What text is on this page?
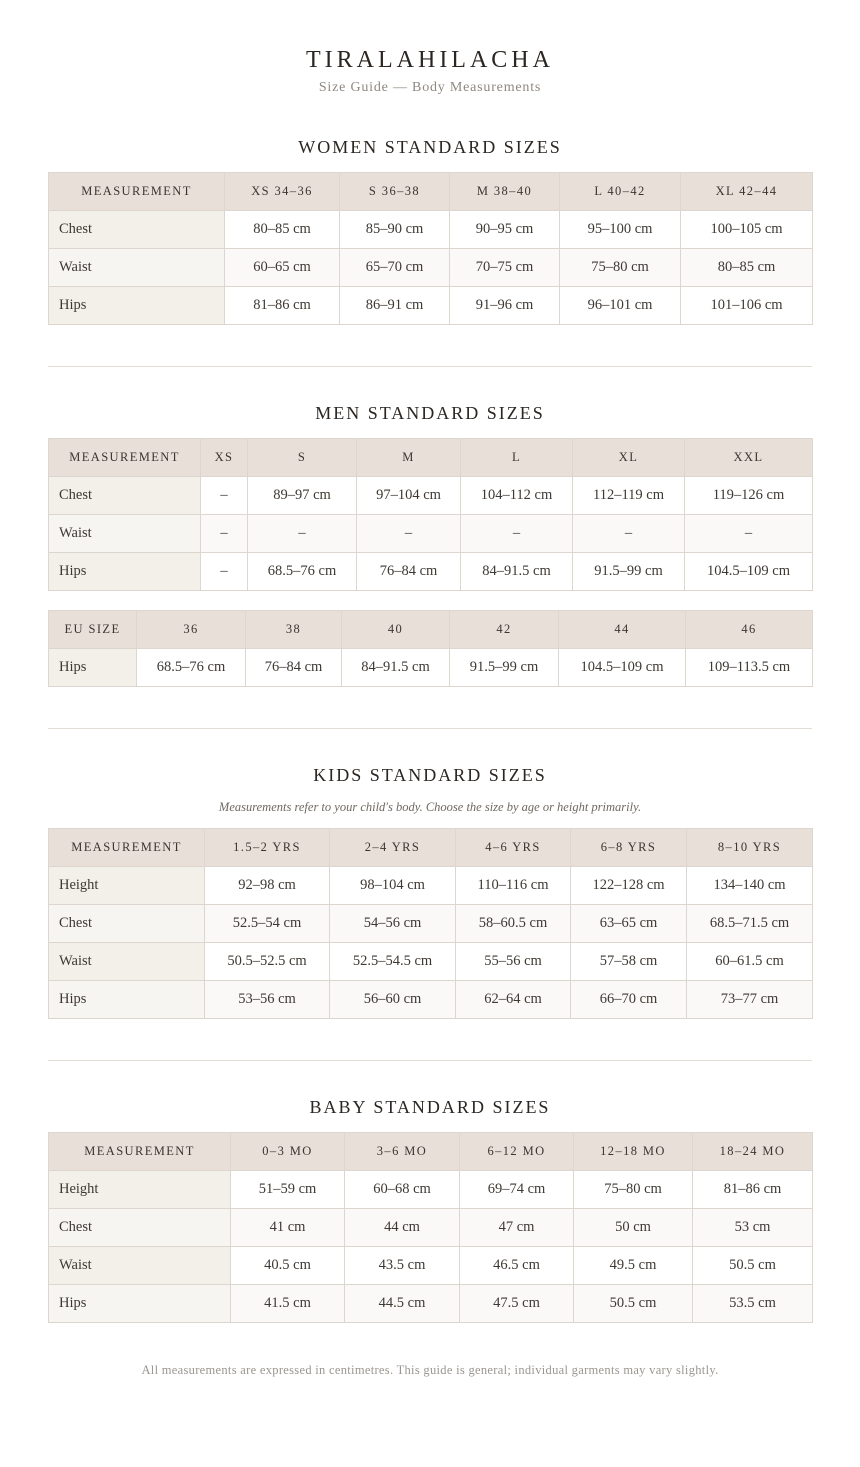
TIRALAHILACHA
Size Guide — Body Measurements
WOMEN STANDARD SIZES
MEASUREMENT	XS 34–36	S 36–38	M 38–40	L 40–42	XL 42–44
Chest	80–85 cm	85–90 cm	90–95 cm	95–100 cm	100–105 cm
Waist	60–65 cm	65–70 cm	70–75 cm	75–80 cm	80–85 cm
Hips	81–86 cm	86–91 cm	91–96 cm	96–101 cm	101–106 cm
MEN STANDARD SIZES
MEASUREMENT	XS	S	M	L	XL	XXL
Chest	–	89–97 cm	97–104 cm	104–112 cm	112–119 cm	119–126 cm
Waist	–	–	–	–	–	–
Hips	–	68.5–76 cm	76–84 cm	84–91.5 cm	91.5–99 cm	104.5–109 cm
EU SIZE	36	38	40	42	44	46
Hips	68.5–76 cm	76–84 cm	84–91.5 cm	91.5–99 cm	104.5–109 cm	109–113.5 cm
KIDS STANDARD SIZES
Measurements refer to your child's body. Choose the size by age or height primarily.
MEASUREMENT	1.5–2 YRS	2–4 YRS	4–6 YRS	6–8 YRS	8–10 YRS
Height	92–98 cm	98–104 cm	110–116 cm	122–128 cm	134–140 cm
Chest	52.5–54 cm	54–56 cm	58–60.5 cm	63–65 cm	68.5–71.5 cm
Waist	50.5–52.5 cm	52.5–54.5 cm	55–56 cm	57–58 cm	60–61.5 cm
Hips	53–56 cm	56–60 cm	62–64 cm	66–70 cm	73–77 cm
BABY STANDARD SIZES
MEASUREMENT	0–3 MO	3–6 MO	6–12 MO	12–18 MO	18–24 MO
Height	51–59 cm	60–68 cm	69–74 cm	75–80 cm	81–86 cm
Chest	41 cm	44 cm	47 cm	50 cm	53 cm
Waist	40.5 cm	43.5 cm	46.5 cm	49.5 cm	50.5 cm
Hips	41.5 cm	44.5 cm	47.5 cm	50.5 cm	53.5 cm
All measurements are expressed in centimetres. This guide is general; individual garments may vary slightly.
